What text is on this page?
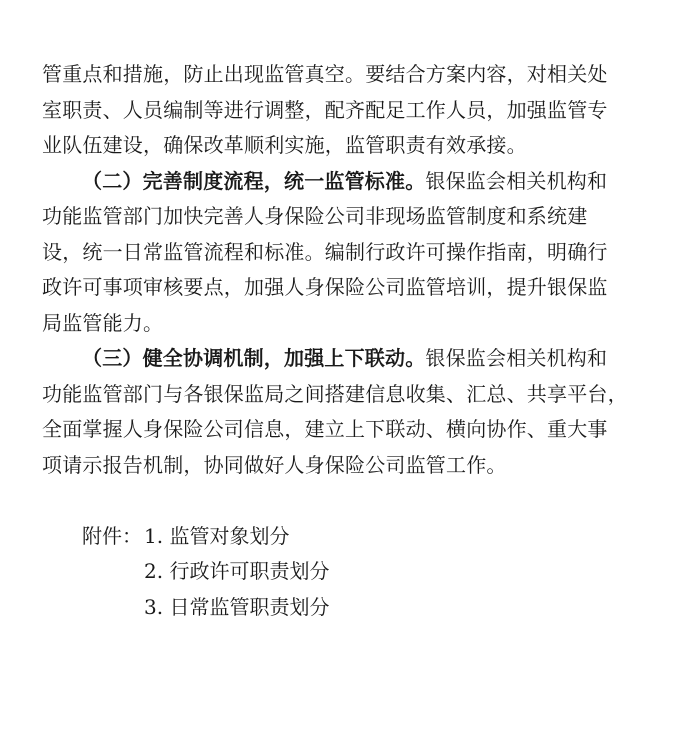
管重点和措施，防止出现监管真空。要结合方案内容，对相关处
室职责、人员编制等进行调整，配齐配足工作人员，加强监管专
业队伍建设，确保改革顺利实施，监管职责有效承接。
（二）完善制度流程，统一监管标准。银保监会相关机构和
功能监管部门加快完善人身保险公司非现场监管制度和系统建
设，统一日常监管流程和标准。编制行政许可操作指南，明确行
政许可事项审核要点，加强人身保险公司监管培训，提升银保监
局监管能力。
（三）健全协调机制，加强上下联动。银保监会相关机构和
功能监管部门与各银保监局之间搭建信息收集、汇总、共享平台，
全面掌握人身保险公司信息，建立上下联动、横向协作、重大事
项请示报告机制，协同做好人身保险公司监管工作。
附件： 1. 监管对象划分
2. 行政许可职责划分
3. 日常监管职责划分
